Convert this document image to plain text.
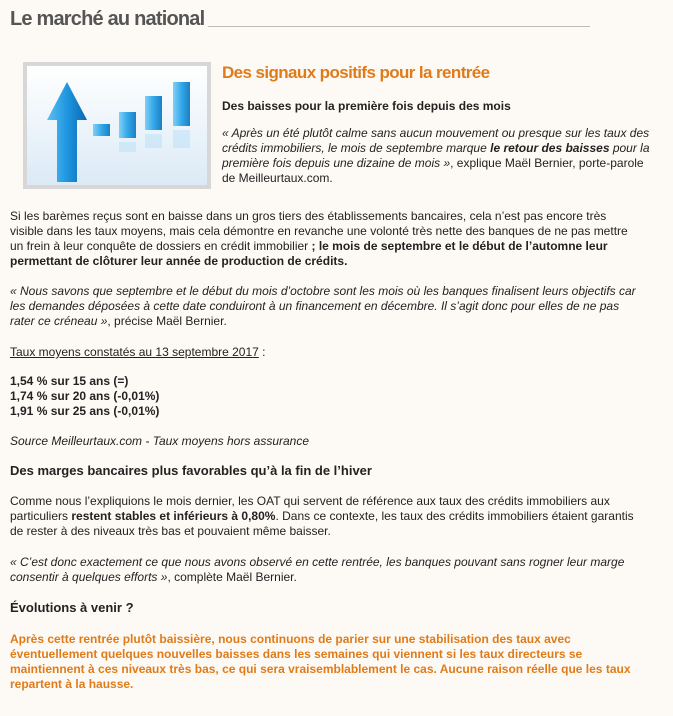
Le marché au national
Des signaux positifs pour la rentrée
Des baisses pour la première fois depuis des mois
« Après un été plutôt calme sans aucun mouvement ou presque sur les taux des crédits immobiliers, le mois de septembre marque le retour des baisses pour la première fois depuis une dizaine de mois », explique Maël Bernier, porte-parole de Meilleurtaux.com.
Si les barèmes reçus sont en baisse dans un gros tiers des établissements bancaires, cela n’est pas encore très visible dans les taux moyens, mais cela démontre en revanche une volonté très nette des banques de ne pas mettre un frein à leur conquête de dossiers en crédit immobilier ; le mois de septembre et le début de l’automne leur permettant de clôturer leur année de production de crédits.
« Nous savons que septembre et le début du mois d’octobre sont les mois où les banques finalisent leurs objectifs car les demandes déposées à cette date conduiront à un financement en décembre. Il s’agit donc pour elles de ne pas rater ce créneau », précise Maël Bernier.
Taux moyens constatés au 13 septembre 2017 :
1,54 % sur 15 ans (=)
1,74 % sur 20 ans (-0,01%)
1,91 % sur 25 ans (-0,01%)
Source Meilleurtaux.com - Taux moyens hors assurance
Des marges bancaires plus favorables qu’à la fin de l’hiver
Comme nous l’expliquions le mois dernier, les OAT qui servent de référence aux taux des crédits immobiliers aux particuliers restent stables et inférieurs à 0,80%. Dans ce contexte, les taux des crédits immobiliers étaient garantis de rester à des niveaux très bas et pouvaient même baisser.
« C’est donc exactement ce que nous avons observé en cette rentrée, les banques pouvant sans rogner leur marge consentir à quelques efforts », complète Maël Bernier.
Évolutions à venir ?
Après cette rentrée plutôt baissière, nous continuons de parier sur une stabilisation des taux avec éventuellement quelques nouvelles baisses dans les semaines qui viennent si les taux directeurs se maintiennent à ces niveaux très bas, ce qui sera vraisemblablement le cas. Aucune raison réelle que les taux repartent à la hausse.
